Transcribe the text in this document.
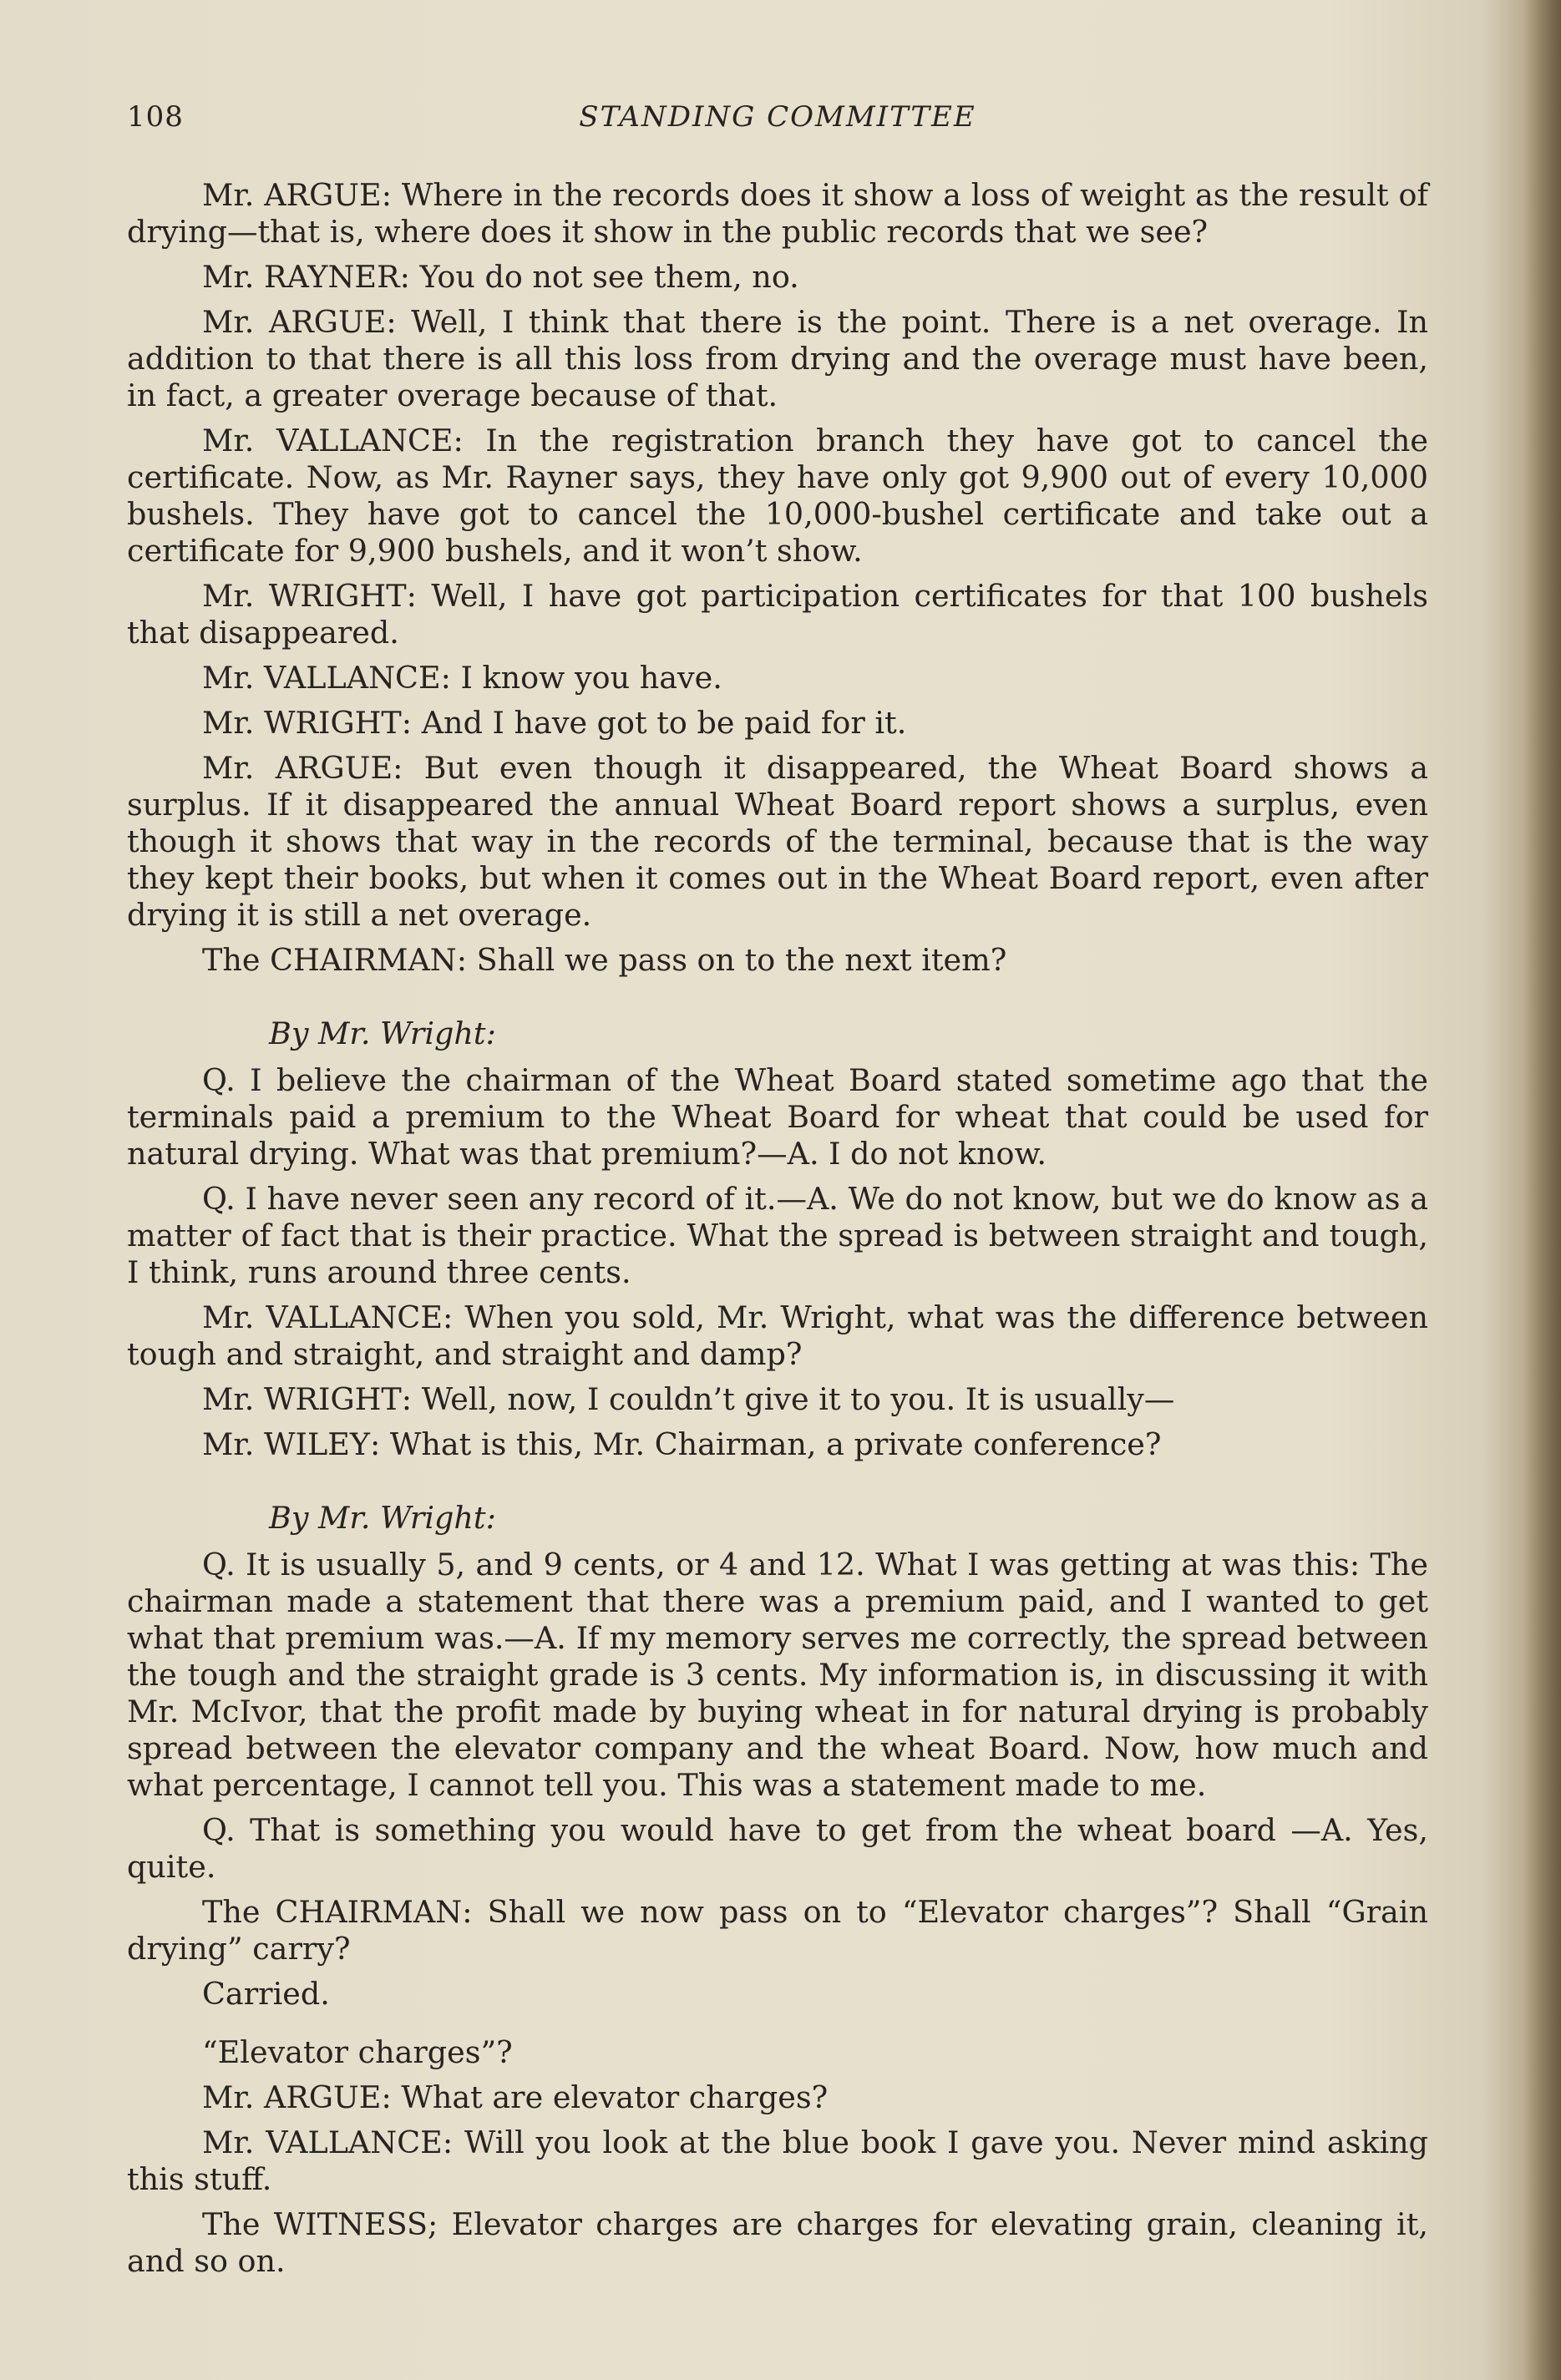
108	STANDING COMMITTEE

Mr. ARGUE: Where in the records does it show a loss of weight as the result of drying—that is, where does it show in the public records that we see?

Mr. RAYNER: You do not see them, no.

Mr. ARGUE: Well, I think that there is the point. There is a net overage. In addition to that there is all this loss from drying and the overage must have been, in fact, a greater overage because of that.

Mr. VALLANCE: In the registration branch they have got to cancel the certificate. Now, as Mr. Rayner says, they have only got 9,900 out of every 10,000 bushels. They have got to cancel the 10,000-bushel certificate and take out a certificate for 9,900 bushels, and it won’t show.

Mr. WRIGHT: Well, I have got participation certificates for that 100 bushels that disappeared.

Mr. VALLANCE: I know you have.

Mr. WRIGHT: And I have got to be paid for it.

Mr. ARGUE: But even though it disappeared, the Wheat Board shows a surplus. If it disappeared the annual Wheat Board report shows a surplus, even though it shows that way in the records of the terminal, because that is the way they kept their books, but when it comes out in the Wheat Board report, even after drying it is still a net overage.

The CHAIRMAN: Shall we pass on to the next item?

By Mr. Wright:

Q. I believe the chairman of the Wheat Board stated sometime ago that the terminals paid a premium to the Wheat Board for wheat that could be used for natural drying. What was that premium?—A. I do not know.

Q. I have never seen any record of it.—A. We do not know, but we do know as a matter of fact that is their practice. What the spread is between straight and tough, I think, runs around three cents.

Mr. VALLANCE: When you sold, Mr. Wright, what was the difference between tough and straight, and straight and damp?

Mr. WRIGHT: Well, now, I couldn’t give it to you. It is usually—

Mr. WILEY: What is this, Mr. Chairman, a private conference?

By Mr. Wright:

Q. It is usually 5, and 9 cents, or 4 and 12. What I was getting at was this: The chairman made a statement that there was a premium paid, and I wanted to get what that premium was.—A. If my memory serves me correctly, the spread between the tough and the straight grade is 3 cents. My information is, in discussing it with Mr. McIvor, that the profit made by buying wheat in for natural drying is probably spread between the elevator company and the wheat Board. Now, how much and what percentage, I cannot tell you. This was a statement made to me.

Q. That is something you would have to get from the wheat board —A. Yes, quite.

The CHAIRMAN: Shall we now pass on to “Elevator charges”? Shall “Grain drying” carry?

Carried.

“Elevator charges”?

Mr. ARGUE: What are elevator charges?

Mr. VALLANCE: Will you look at the blue book I gave you. Never mind asking this stuff.

The WITNESS; Elevator charges are charges for elevating grain, cleaning it, and so on.
